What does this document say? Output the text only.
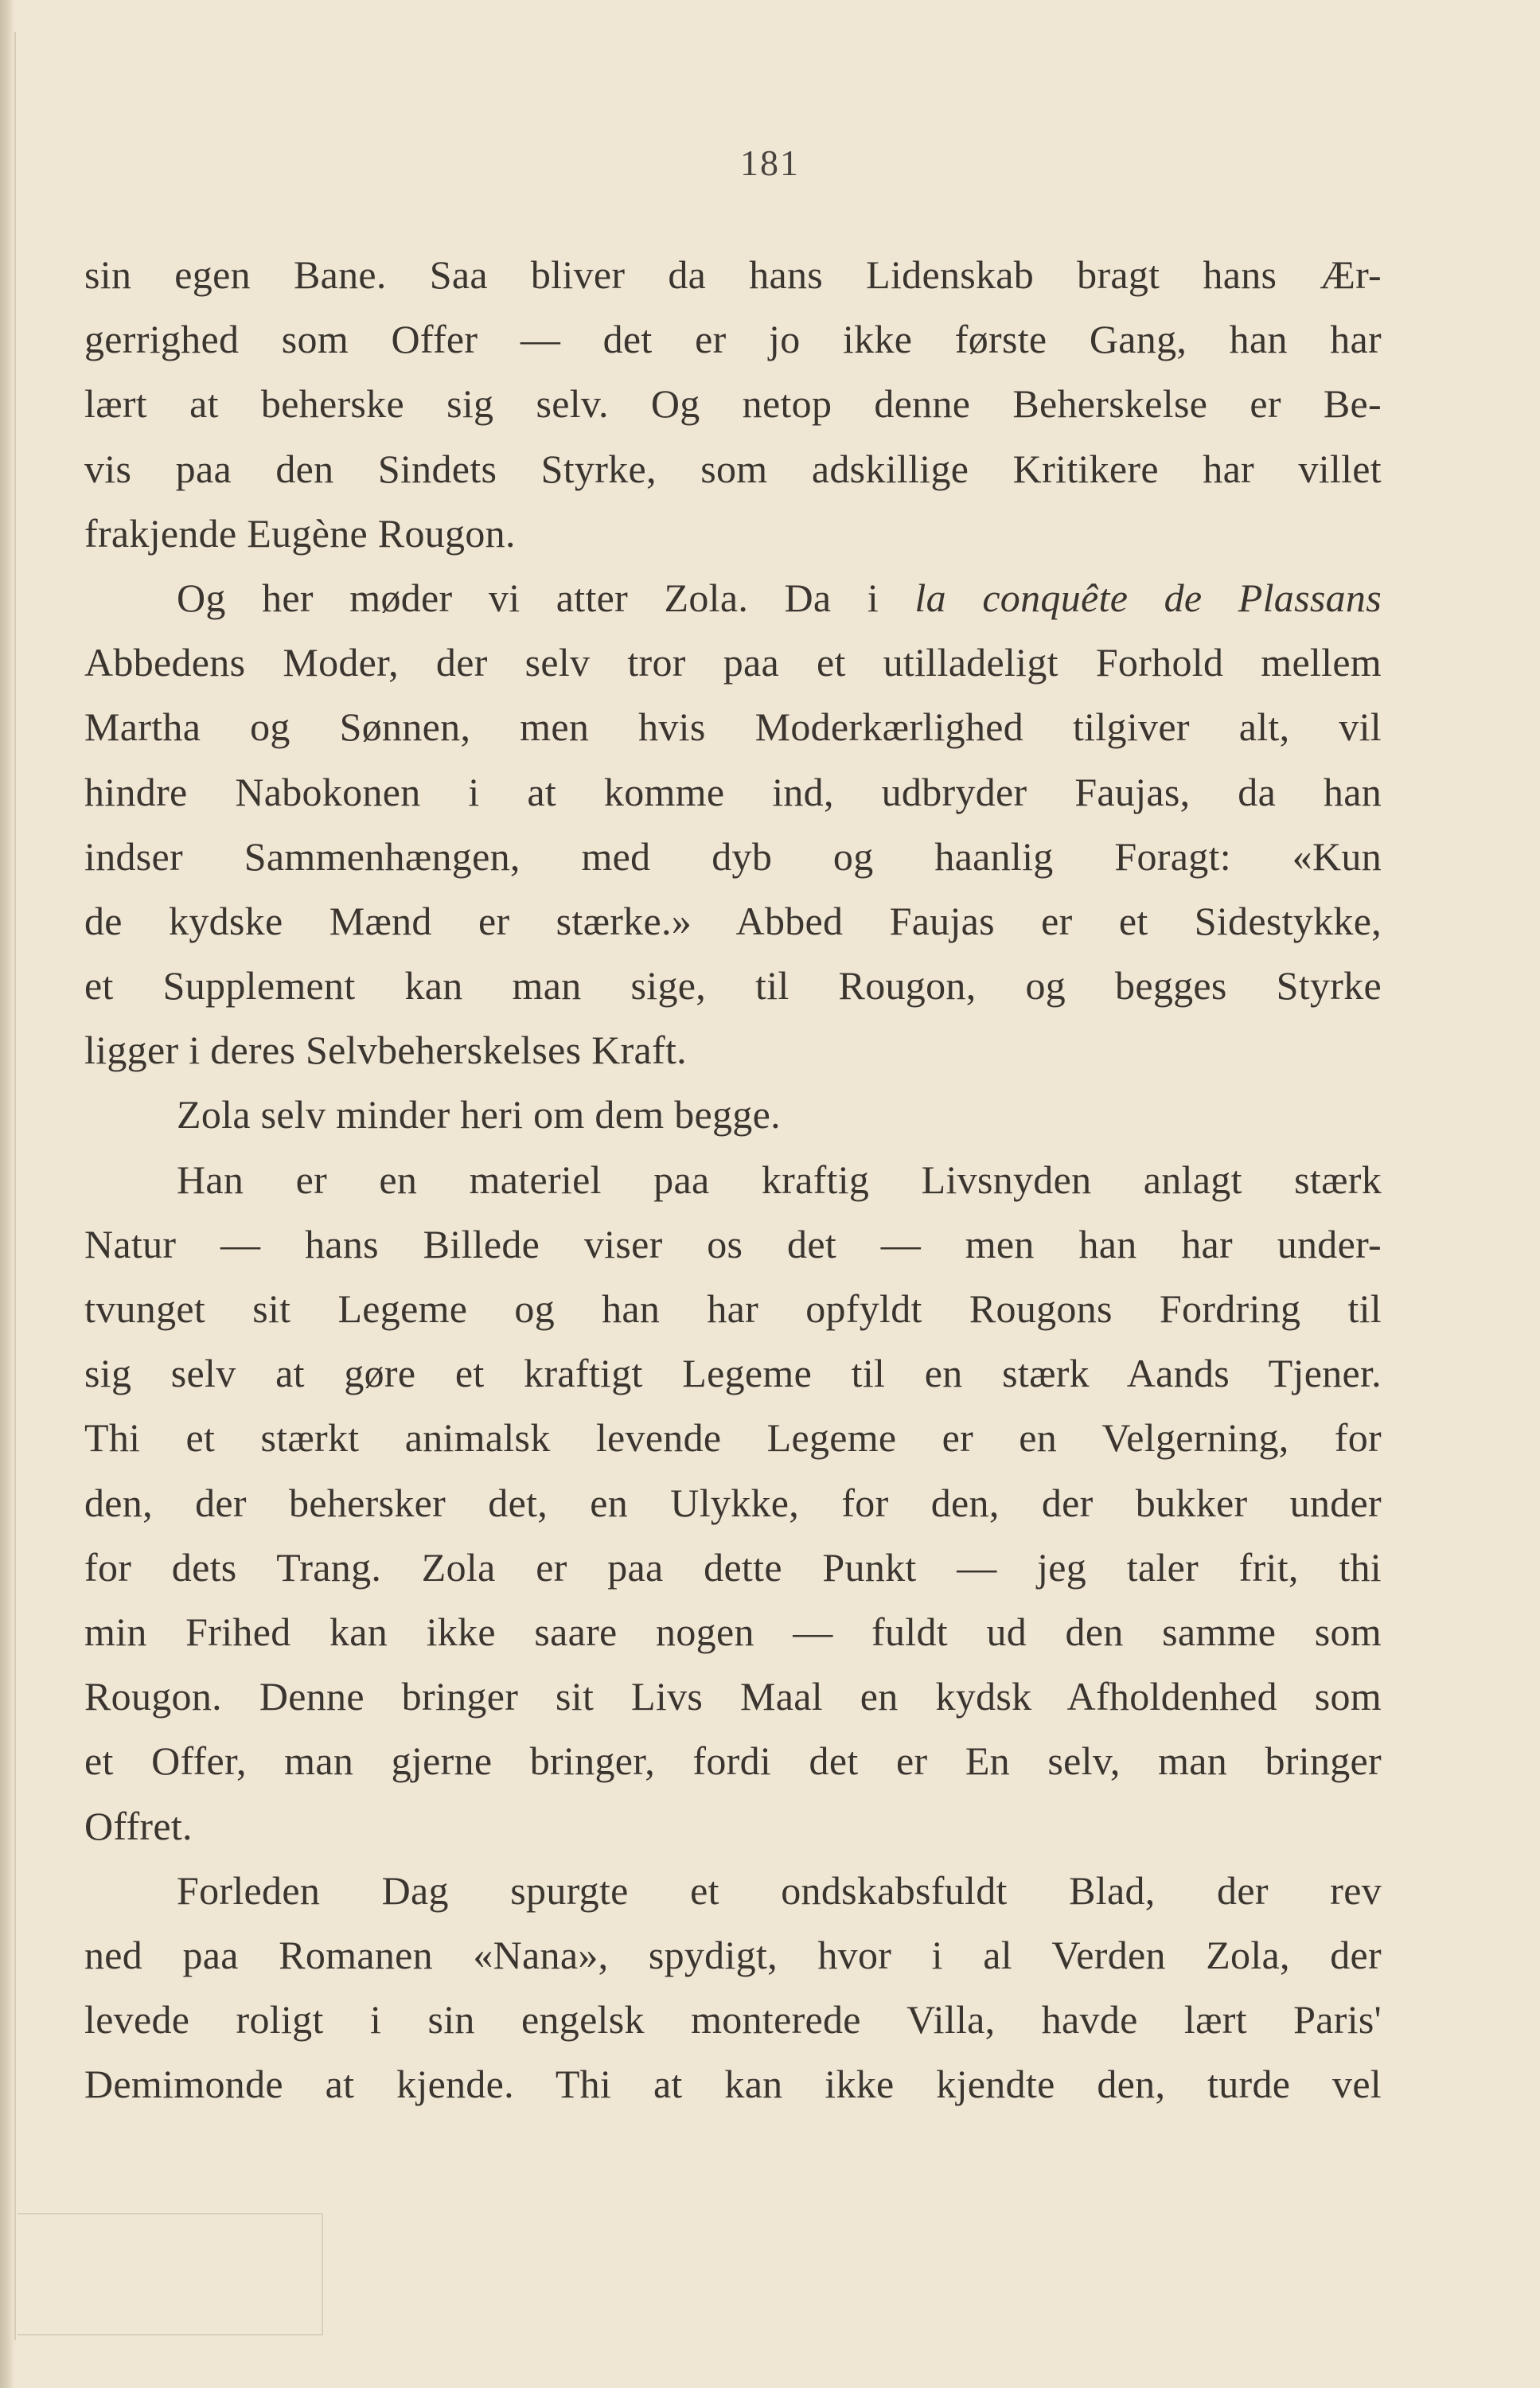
181
sin egen Bane. Saa bliver da hans Lidenskab bragt hans Ær-
gerrighed som Offer — det er jo ikke første Gang, han har
lært at beherske sig selv. Og netop denne Beherskelse er Be-
vis paa den Sindets Styrke, som adskillige Kritikere har villet
frakjende Eugène Rougon.
Og her møder vi atter Zola. Da i la conquête de Plassans
Abbedens Moder, der selv tror paa et utilladeligt Forhold mellem
Martha og Sønnen, men hvis Moderkærlighed tilgiver alt, vil
hindre Nabokonen i at komme ind, udbryder Faujas, da han
indser Sammenhængen, med dyb og haanlig Foragt: «Kun
de kydske Mænd er stærke.» Abbed Faujas er et Sidestykke,
et Supplement kan man sige, til Rougon, og begges Styrke
ligger i deres Selvbeherskelses Kraft.
Zola selv minder heri om dem begge.
Han er en materiel paa kraftig Livsnyden anlagt stærk
Natur — hans Billede viser os det — men han har under-
tvunget sit Legeme og han har opfyldt Rougons Fordring til
sig selv at gøre et kraftigt Legeme til en stærk Aands Tjener.
Thi et stærkt animalsk levende Legeme er en Velgerning, for
den, der behersker det, en Ulykke, for den, der bukker under
for dets Trang. Zola er paa dette Punkt — jeg taler frit, thi
min Frihed kan ikke saare nogen — fuldt ud den samme som
Rougon. Denne bringer sit Livs Maal en kydsk Afholdenhed som
et Offer, man gjerne bringer, fordi det er En selv, man bringer
Offret.
Forleden Dag spurgte et ondskabsfuldt Blad, der rev
ned paa Romanen «Nana», spydigt, hvor i al Verden Zola, der
levede roligt i sin engelsk monterede Villa, havde lært Paris'
Demimonde at kjende. Thi at kan ikke kjendte den, turde vel
